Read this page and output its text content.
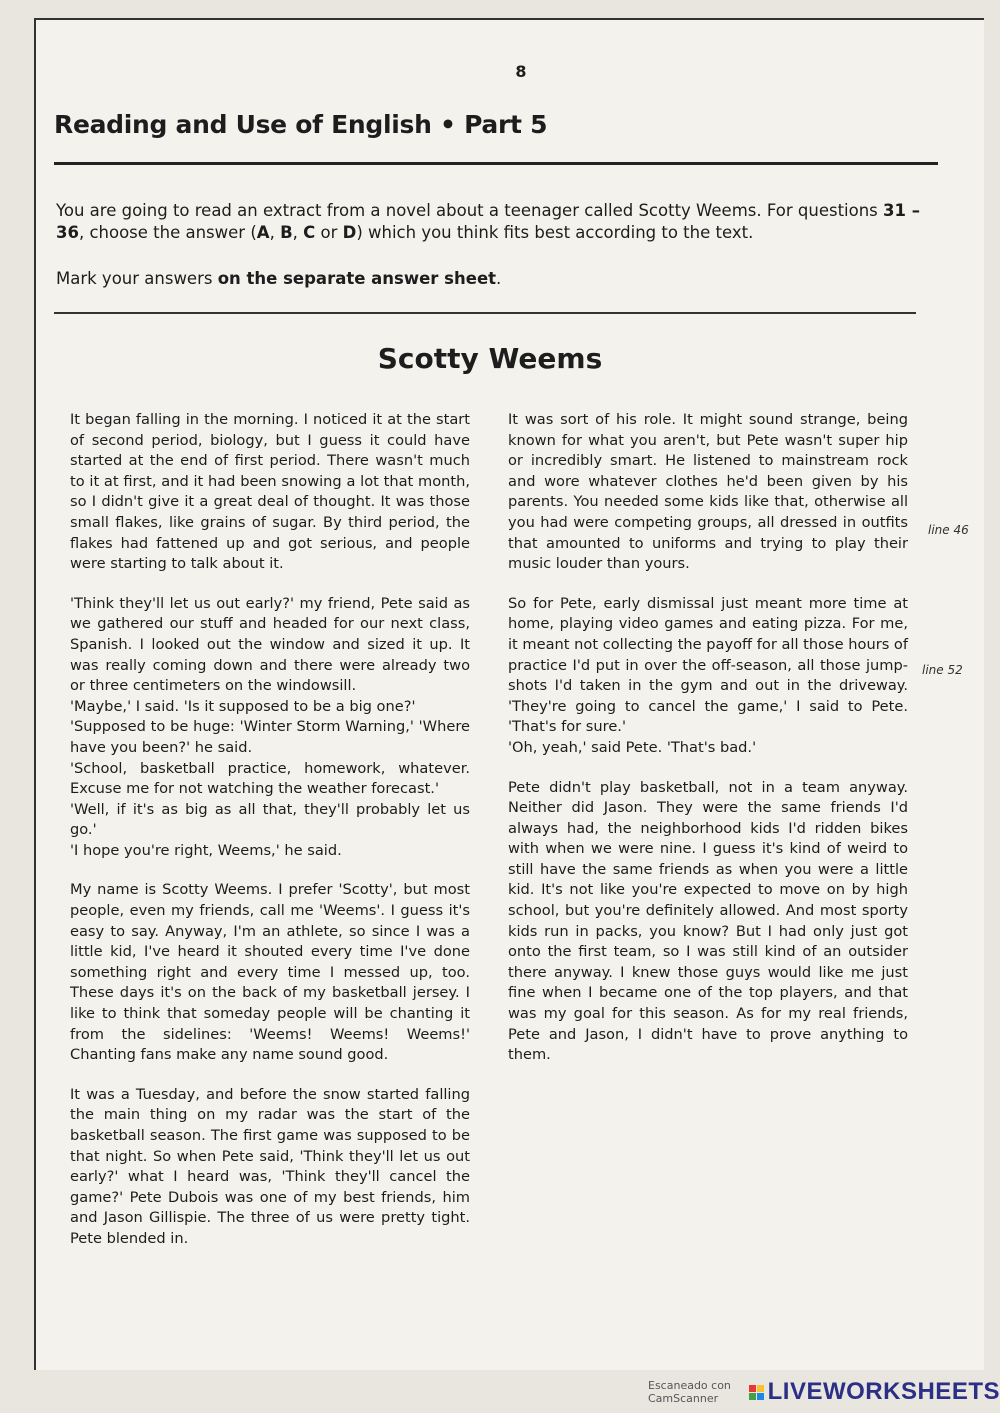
8
Reading and Use of English • Part 5

You are going to read an extract from a novel about a teenager called Scotty Weems. For questions 31 – 36, choose the answer (A, B, C or D) which you think fits best according to the text.

Mark your answers on the separate answer sheet.

Scotty Weems

It began falling in the morning. I noticed it at the start of second period, biology, but I guess it could have started at the end of first period. There wasn't much to it at first, and it had been snowing a lot that month, so I didn't give it a great deal of thought. It was those small flakes, like grains of sugar. By third period, the flakes had fattened up and got serious, and people were starting to talk about it.

'Think they'll let us out early?' my friend, Pete said as we gathered our stuff and headed for our next class, Spanish. I looked out the window and sized it up. It was really coming down and there were already two or three centimeters on the windowsill.

'Maybe,' I said. 'Is it supposed to be a big one?'

'Supposed to be huge: 'Winter Storm Warning,' 'Where have you been?' he said.

'School, basketball practice, homework, whatever. Excuse me for not watching the weather forecast.'

'Well, if it's as big as all that, they'll probably let us go.'

'I hope you're right, Weems,' he said.

My name is Scotty Weems. I prefer 'Scotty', but most people, even my friends, call me 'Weems'. I guess it's easy to say. Anyway, I'm an athlete, so since I was a little kid, I've heard it shouted every time I've done something right and every time I messed up, too. These days it's on the back of my basketball jersey. I like to think that someday people will be chanting it from the sidelines: 'Weems! Weems! Weems!' Chanting fans make any name sound good.

It was a Tuesday, and before the snow started falling the main thing on my radar was the start of the basketball season. The first game was supposed to be that night. So when Pete said, 'Think they'll let us out early?' what I heard was, 'Think they'll cancel the game?' Pete Dubois was one of my best friends, him and Jason Gillispie. The three of us were pretty tight. Pete blended in.

It was sort of his role. It might sound strange, being known for what you aren't, but Pete wasn't super hip or incredibly smart. He listened to mainstream rock and wore whatever clothes he'd been given by his parents. You needed some kids like that, otherwise all you had were competing groups, all dressed in outfits that amounted to uniforms and trying to play their music louder than yours.

So for Pete, early dismissal just meant more time at home, playing video games and eating pizza. For me, it meant not collecting the payoff for all those hours of practice I'd put in over the off-season, all those jump-shots I'd taken in the gym and out in the driveway. 'They're going to cancel the game,' I said to Pete. 'That's for sure.'

'Oh, yeah,' said Pete. 'That's bad.'

Pete didn't play basketball, not in a team anyway. Neither did Jason. They were the same friends I'd always had, the neighborhood kids I'd ridden bikes with when we were nine. I guess it's kind of weird to still have the same friends as when you were a little kid. It's not like you're expected to move on by high school, but you're definitely allowed. And most sporty kids run in packs, you know? But I had only just got onto the first team, so I was still kind of an outsider there anyway. I knew those guys would like me just fine when I became one of the top players, and that was my goal for this season. As for my real friends, Pete and Jason, I didn't have to prove anything to them.

line 46
line 52
Escaneado con CamScanner	LIVEWORKSHEETS
